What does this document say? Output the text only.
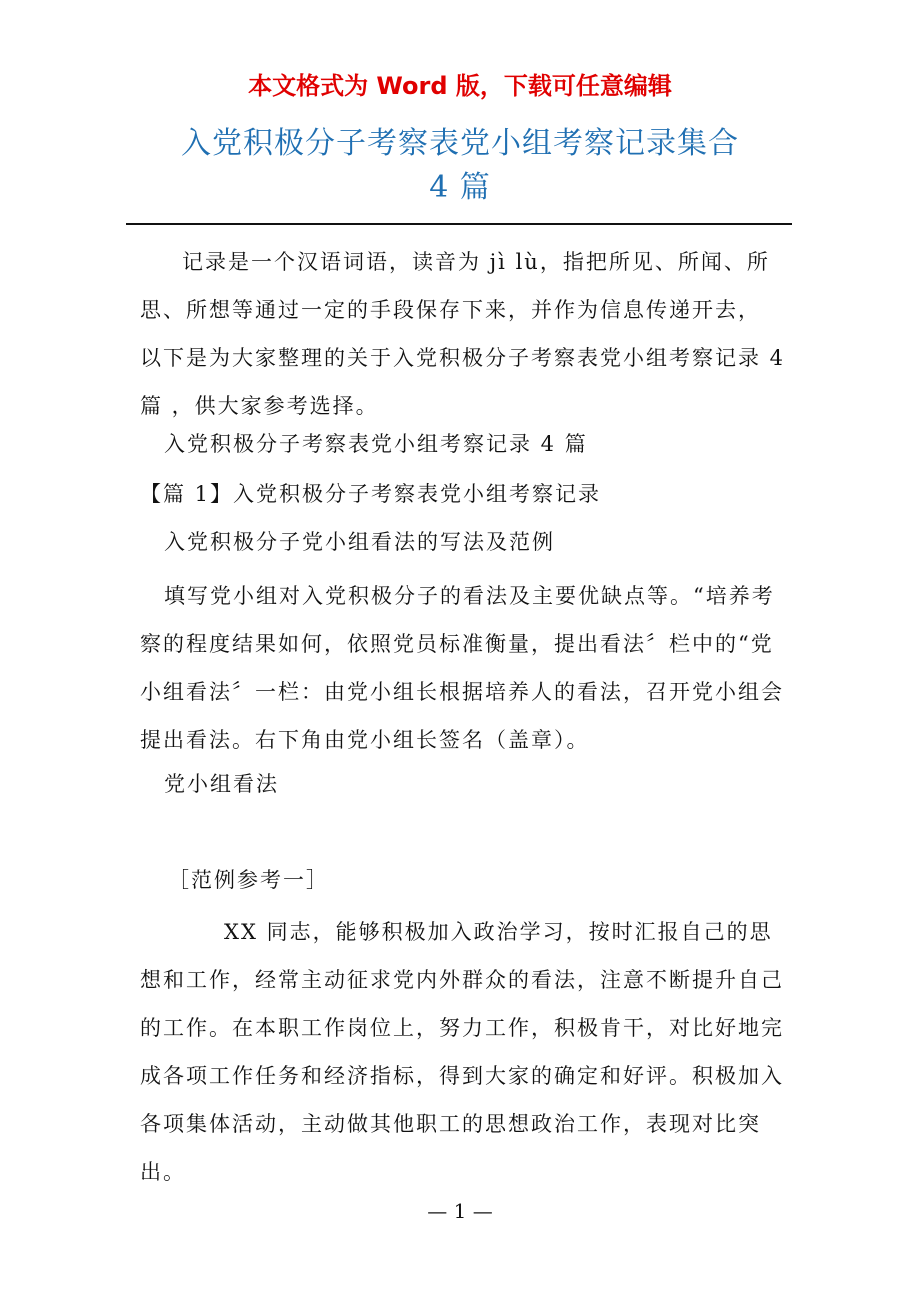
本文格式为 Word 版，下载可任意编辑
入党积极分子考察表党小组考察记录集合
4 篇
记录是一个汉语词语，读音为 jì lù，指把所见、所闻、所思、所想等通过一定的手段保存下来，并作为信息传递开去， 以下是为大家整理的关于入党积极分子考察表党小组考察记录 4 篇 ，供大家参考选择。
入党积极分子考察表党小组考察记录 4 篇
【篇 1】入党积极分子考察表党小组考察记录
入党积极分子党小组看法的写法及范例
填写党小组对入党积极分子的看法及主要优缺点等。“培养考察的程度结果如何，依照党员标准衡量，提出看法〞栏中的“党小组看法〞一栏：由党小组长根据培养人的看法，召开党小组会提出看法。右下角由党小组长签名（盖章）。
党小组看法
［范例参考一］
XX 同志，能够积极加入政治学习，按时汇报自己的思想和工作，经常主动征求党内外群众的看法，注意不断提升自己的工作。在本职工作岗位上，努力工作，积极肯干，对比好地完成各项工作任务和经济指标，得到大家的确定和好评。积极加入各项集体活动，主动做其他职工的思想政治工作，表现对比突出。
— 1 —
